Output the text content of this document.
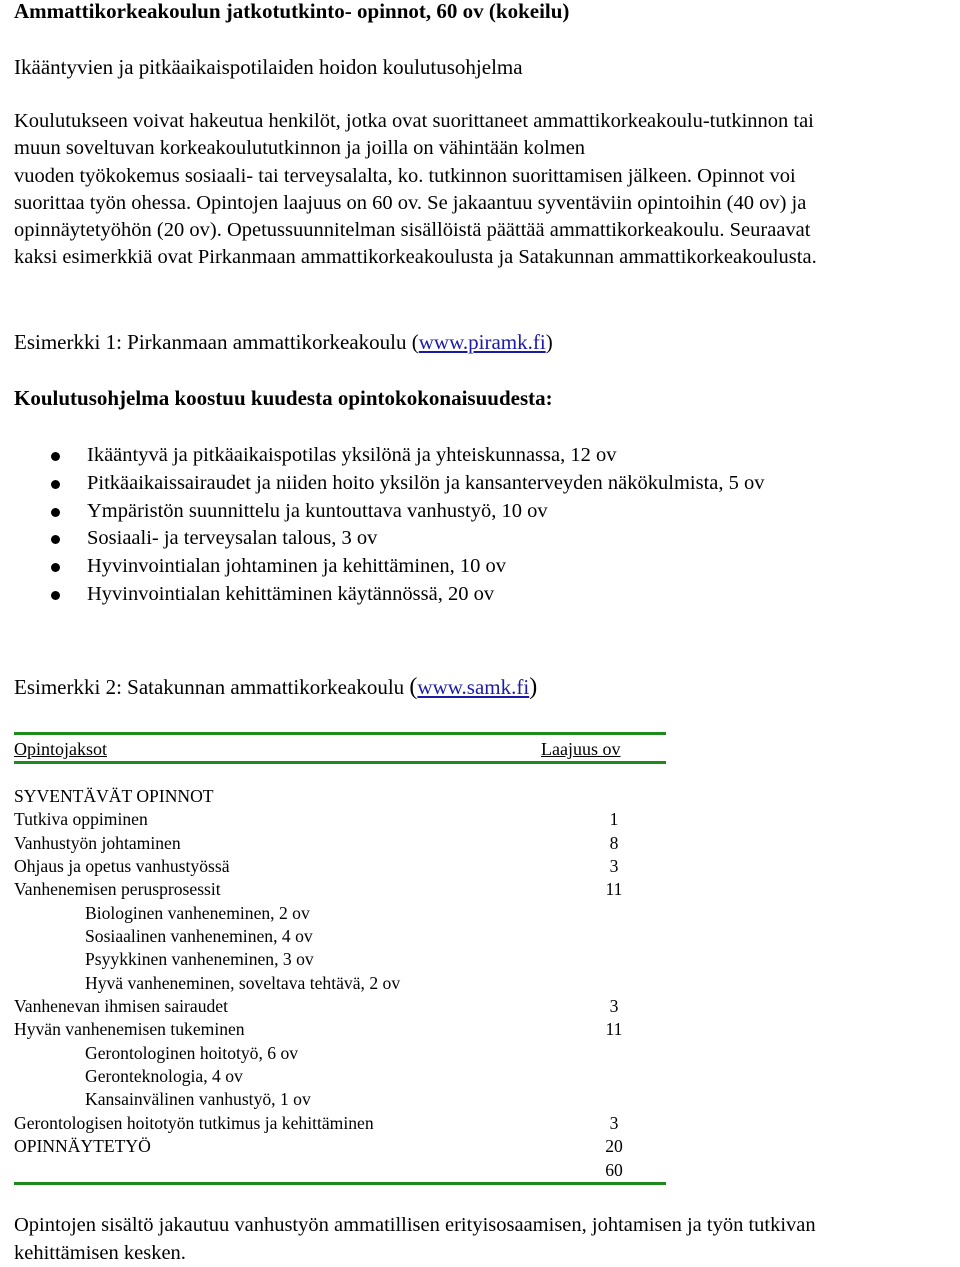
Ammattikorkeakoulun jatkotutkinto- opinnot, 60 ov (kokeilu)
Ikääntyvien ja pitkäaikaispotilaiden hoidon koulutusohjelma
Koulutukseen voivat hakeutua henkilöt, jotka ovat suorittaneet ammattikorkeakoulu-tutkinnon tai
muun soveltuvan korkeakoulututkinnon ja joilla on vähintään kolmen
vuoden työkokemus sosiaali- tai terveysalalta, ko. tutkinnon suorittamisen jälkeen. Opinnot voi
suorittaa työn ohessa. Opintojen laajuus on 60 ov. Se jakaantuu syventäviin opintoihin (40 ov) ja
opinnäytetyöhön (20 ov). Opetussuunnitelman sisällöistä päättää ammattikorkeakoulu. Seuraavat
kaksi esimerkkiä ovat Pirkanmaan ammattikorkeakoulusta ja Satakunnan ammattikorkeakoulusta.
Esimerkki 1: Pirkanmaan ammattikorkeakoulu (www.piramk.fi)
Koulutusohjelma koostuu kuudesta opintokokonaisuudesta:
Ikääntyvä ja pitkäaikaispotilas yksilönä ja yhteiskunnassa, 12 ov
Pitkäaikaissairaudet ja niiden hoito yksilön ja kansanterveyden näkökulmista, 5 ov
Ympäristön suunnittelu ja kuntouttava vanhustyö, 10 ov
Sosiaali- ja terveysalan talous, 3 ov
Hyvinvointialan johtaminen ja kehittäminen, 10 ov
Hyvinvointialan kehittäminen käytännössä, 20 ov
Esimerkki 2: Satakunnan ammattikorkeakoulu (www.samk.fi)
Opintojaksot	Laajuus ov
SYVENTÄVÄT OPINNOT
Tutkiva oppiminen	1
Vanhustyön johtaminen	8
Ohjaus ja opetus vanhustyössä	3
Vanhenemisen perusprosessit	11
Biologinen vanheneminen, 2 ov
Sosiaalinen vanheneminen, 4 ov
Psyykkinen vanheneminen, 3 ov
Hyvä vanheneminen, soveltava tehtävä, 2 ov
Vanhenevan ihmisen sairaudet	3
Hyvän vanhenemisen tukeminen	11
Gerontologinen hoitotyö, 6 ov
Geronteknologia, 4 ov
Kansainvälinen vanhustyö, 1 ov
Gerontologisen hoitotyön tutkimus ja kehittäminen	3
OPINNÄYTETYÖ	20
60
Opintojen sisältö jakautuu vanhustyön ammatillisen erityisosaamisen, johtamisen ja työn tutkivan
kehittämisen kesken.
